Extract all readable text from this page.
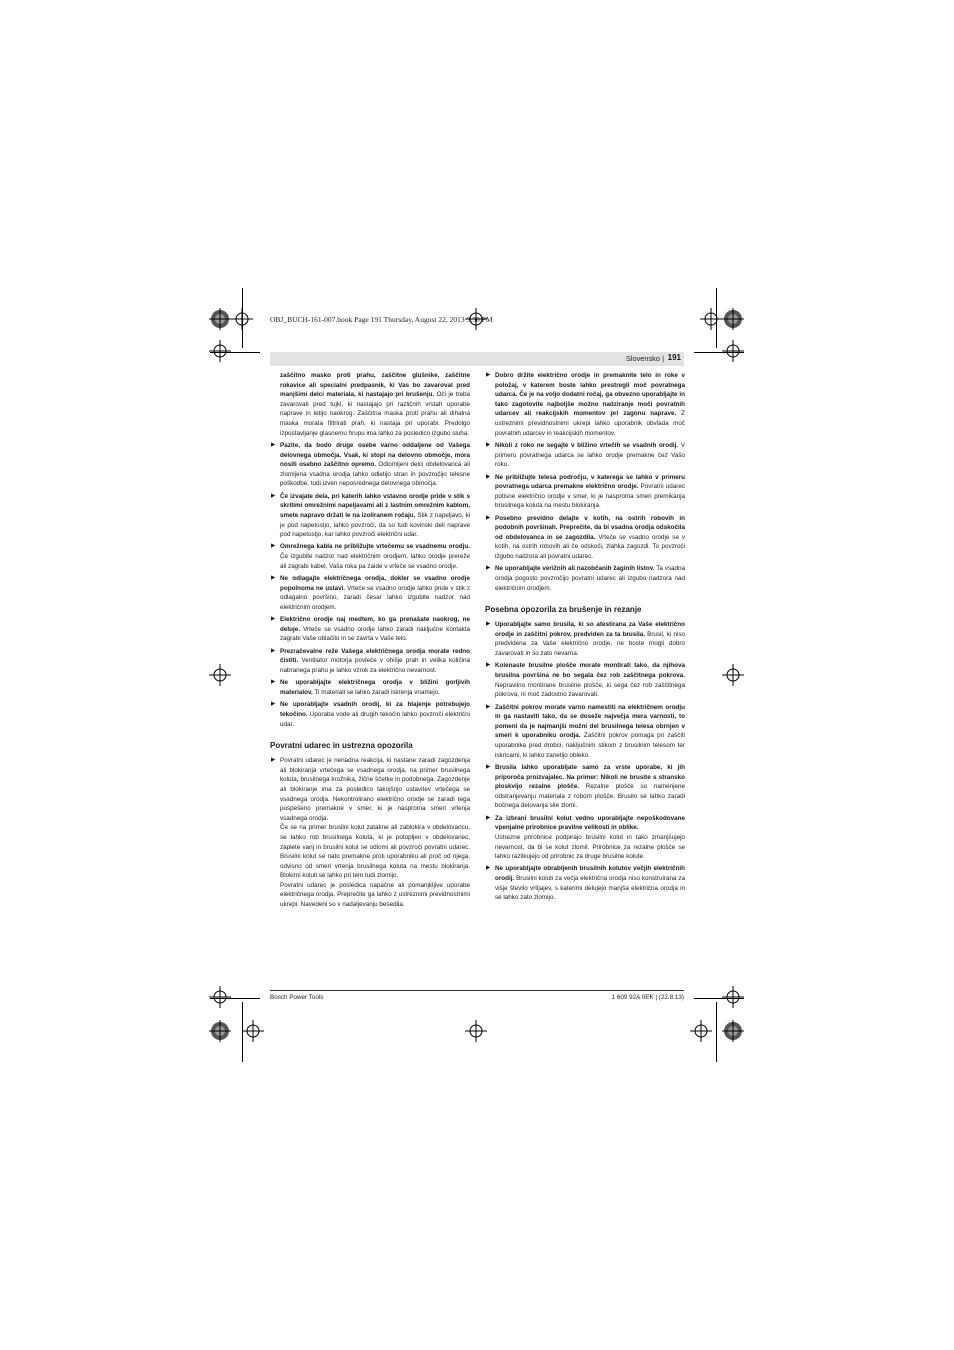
OBJ_BUCH-161-007.book Page 191 Thursday, August 22, 2013 3:50 PM
Slovensko | 191
zaščitno masko proti prahu, zaščitne glušnike, zaščitne rokavice ali specialni predpasnik, ki Vas bo zavaroval pred manjšimi delci materiala, ki nastajajo pri brušenju. Oči je treba zavarovati pred tujki, ki nastajajo pri različnih vrstah uporabe naprave in letijo naokrog. Zaščitna maska proti prahu ali dihalna maska morata filtrirati prah, ki nastaja pri uporabi. Predolgo izpostavljanje glasnemu hrupu ima lahko za posledico izgubo sluha.
▶ Pazite, da bodo druge osebe varno oddaljene od Vašega delovnega območja. Vsak, ki stopi na delovno območje, mora nositi osebno zaščitno opremo. Odlomljeni delci obdelovanca ali zlomljena vsadna orodja lahko odletijo stran in povzročijo telesne poškodbe, tudi izven neposrednega delovnega območja.
▶ Če izvajate dela, pri katerih lahko vstavno orodje pride v stik s skritimi omrežnimi napeljavami ali z lastnim omrežnim kablom, smete napravo držati le na izoliranem ročaju. Stik z napeljavo, ki je pod napetostjo, lahko povzroči, da so tudi kovinski deli naprave pod napetostjo, kar lahko povzroči električni udar.
▶ Omrežnega kabla ne približujte vrtečemu se vsadnemu orodju. Če izgubite nadzor nad električnim orodjem, lahko orodje prereže ali zagrabi kabel, Vaša roka pa zaide v vrteče se vsadno orodje.
▶ Ne odlagajte električnega orodja, dokler se vsadno orodje popolnoma ne ustavi. Vrteče se vsadno orodje lahko pride v stik z odlagalno površino, zaradi česar lahko izgubite nadzor nad električnim orodjem.
▶ Električno orodje naj medtem, ko ga prenašate naokrog, ne deluje. Vrteče se vsadno orodje lahko zaradi naključne kontakta zagrabi Vaše oblačilo in se zavrta v Vaše telo.
▶ Prezračevalne reže Vašega električnega orodja morate redno čistiti. Ventilator motorja povleče v ohišje prah in velika količina nabranega prahu je lahko vzrok za električno nevarnost.
▶ Ne uporabljajte električnega orodja v bližini gorljivih materialov. Ti materiali se lahko zaradi iskrenja vnamejo.
▶ Ne uporabljajte vsadnih orodij, ki za hlajenje potrebujejo tekočino. Uporaba vode ali drugih tekočin lahko povzroči električni udar.
Povratni udarec in ustrezna opozorila
▶ Povratni udarec je nenadna reakcija, ki nastane zaradi zagozdenja ali blokiranja vrtečega se vsadnega orodja, na primer brusilnega koluta, brusilnega krožnika, žične ščetke in podobnega. Zagozdenje ali blokiranje ima za posledico takojšnjo ustavitev vrtečega se vsadnega orodja. Nekontrolirano električno orodje se zaradi tega pospešeno premakne v smer, ki je nasprotna smeri vrtenja vsadnega orodja.
Če se na primer brusilni kolut zatakne ali zablokira v obdelovancu, se lahko rob brusilnega koluta, ki je potopljen v obdelovanec, zaplete vanj in brusilni kolut se odlomi ali povzroči povratni udarec. Brusilni kolut se nato premakne proti uporabniku ali proč od njega, odvisno od smeri vrtenja brusilnega koluta na mestu blokiranja. Blokirni koluti se lahko pri tem tudi zlomijo.
Povratni udarec je posledica napačne ali pomanjkljive uporabe električnega orodja. Preprečite ga lahko z ustreznimi previdnostnimi ukrepi. Navedeni so v nadaljevanju besedila.
▶ Dobro držite električno orodje in premaknite telo in roke v položaj, v katerem boste lahko prestregli moč povratnega udarca. Če je na voljo dodatni ročaj, ga obvezno uporabljajte in tako zagotovite najboljše možno nadziranje moči povratnih udarcev ali reakcijskih momentov pri zagonu naprave. Z ustreznimi previdnostnimi ukrepi lahko uporabnik obvlada moč povratnih udarcev in reakcijskih momentov.
▶ Nikoli z roko ne segajte v bližino vrtečih se vsadnih orodij. V primeru povratnega udarca se lahko orodje premakne čez Vašo roko.
▶ Ne približujte telesa področju, v katerega se lahko v primeru povratnega udarca premakne električno orodje. Povratni udarec potisne električno orodje v smer, ki je nasprotna smeri premikanja brusilnega koluta na mestu blokiranja.
▶ Posebno previdno delajte v kotih, na ostrih robovih in podobnih površinah. Preprečite, da bi vsadna orodja odskočila od obdelovanca in se zagozdila. Vrteče se vsadno orodje se v kotih, na ostrih robovih ali če odskoči, zlahka zagozdi. To povzroči izgubo nadzora ali povratni udarec.
▶ Ne uporabljajte verižnih ali nazobčanih žaginih listov. Ta vsadna orodja pogosto povzročijo povratni udarec ali izgubo nadzora nad električnim orodjem.
Posebna opozorila za brušenje in rezanje
▶ Uporabljajte samo brusila, ki so atestirana za Vaše električno orodje in zaščitni pokrov, predviden za ta brusila. Brusil, ki niso predvidena za Vaše električno orodje, ne boste mogli dobro zavarovati in so zato nevarna.
▶ Kolenaste brusilne plošče morate montirati tako, da njihova brusilna površina ne bo segala čez rob zaščitnega pokrova. Nepravilno montirane brusilne plošče, ki sega čez rob zaščitnega pokrova, ni moč zadostno zavarovati.
▶ Zaščitni pokrov morate varno namestiti na električnem orodju in ga nastaviti tako, da se doseže največja mera varnosti, to pomeni da je najmanjši možni del brusilnega telesa obrnjen v smeri k uporabniku orodja. Zaščitni pokrov pomaga pri zaščiti uporabnika pred drobci, naključnim stikom z brusilnim telesom ter iskricami, ki lahko zanetijo obleko.
▶ Brusila lahko uporabljate samo za vrste uporabe, ki jih priporoča proizvajalec. Na primer: Nikoli ne brusite s stransko ploskvijo rezalne plošče. Rezalne plošče so namenjene odstranjevanju materiala z robom plošče. Brusilo se lahko zaradi bočnega delovanja sile zlomi.
▶ Za izbrani brusilni kolut vedno uporabljajte nepoškodovane vpenjalne prirobnice pravilne velikosti in oblike.
Ustrezne prirobnice podpirajo brusilni kolut in tako zmanjšujejo nevarnost, da bi se kolut zlomil. Prirobnice za rezalne plošče se lahko razlikujejo od prirobnic za druge brusilne kolute.
▶ Ne uporabljajte obrabljenih brusilnih kolutov večjih električnih orodij. Brusilni koluti za večja električna orodja niso konstruirana za višje število vrtljajev, s katerimi delujejo manjša električna orodja in se lahko zato zlomijo.
Bosch Power Tools	1 609 92A 0EK | (22.8.13)
